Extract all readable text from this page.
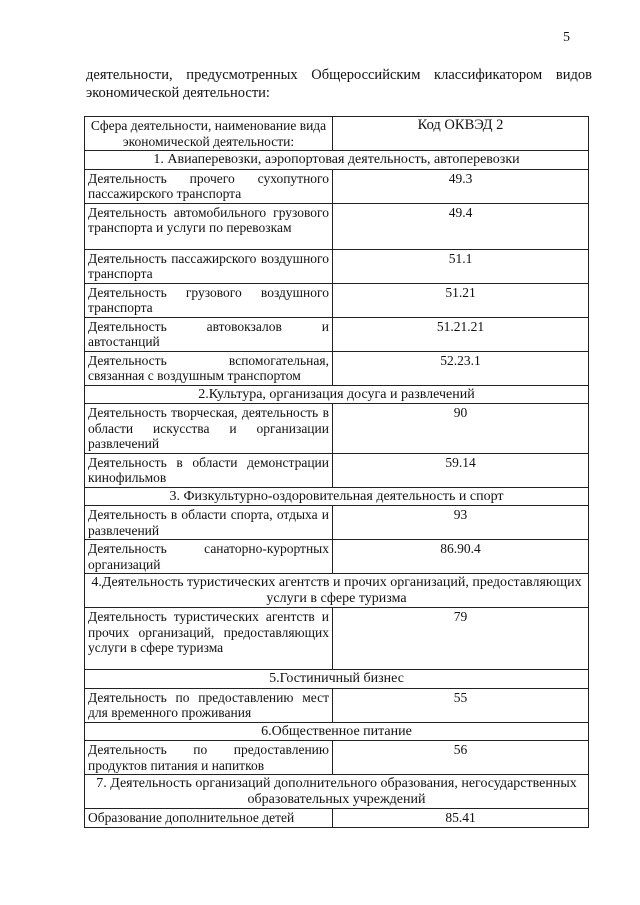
5
деятельности, предусмотренных Общероссийским классификатором видов экономической деятельности:
Сфера деятельности, наименование вида экономической деятельности:	Код ОКВЭД 2
1. Авиаперевозки, аэропортовая деятельность, автоперевозки	
Деятельность прочего сухопутного пассажирского транспорта	49.3
Деятельность автомобильного грузового транспорта и услуги по перевозкам	49.4
Деятельность пассажирского воздушного транспорта	51.1
Деятельность грузового воздушного транспорта	51.21
Деятельность автовокзалов и автостанций	51.21.21
Деятельность вспомогательная, связанная с воздушным транспортом	52.23.1
2.Культура, организация досуга и развлечений	
Деятельность творческая, деятельность в области искусства и организации развлечений	90
Деятельность в области демонстрации кинофильмов	59.14
3. Физкультурно-оздоровительная деятельность и спорт	
Деятельность в области спорта, отдыха и развлечений	93
Деятельность санаторно-курортных организаций	86.90.4
4.Деятельность туристических агентств и прочих организаций, предоставляющих услуги в сфере туризма	
Деятельность туристических агентств и прочих организаций, предоставляющих услуги в сфере туризма	79
5.Гостиничный бизнес	
Деятельность по предоставлению мест для временного проживания	55
6.Общественное питание	
Деятельность по предоставлению продуктов питания и напитков	56
7. Деятельность организаций дополнительного образования, негосударственных образовательных учреждений	
Образование дополнительное детей	85.41
